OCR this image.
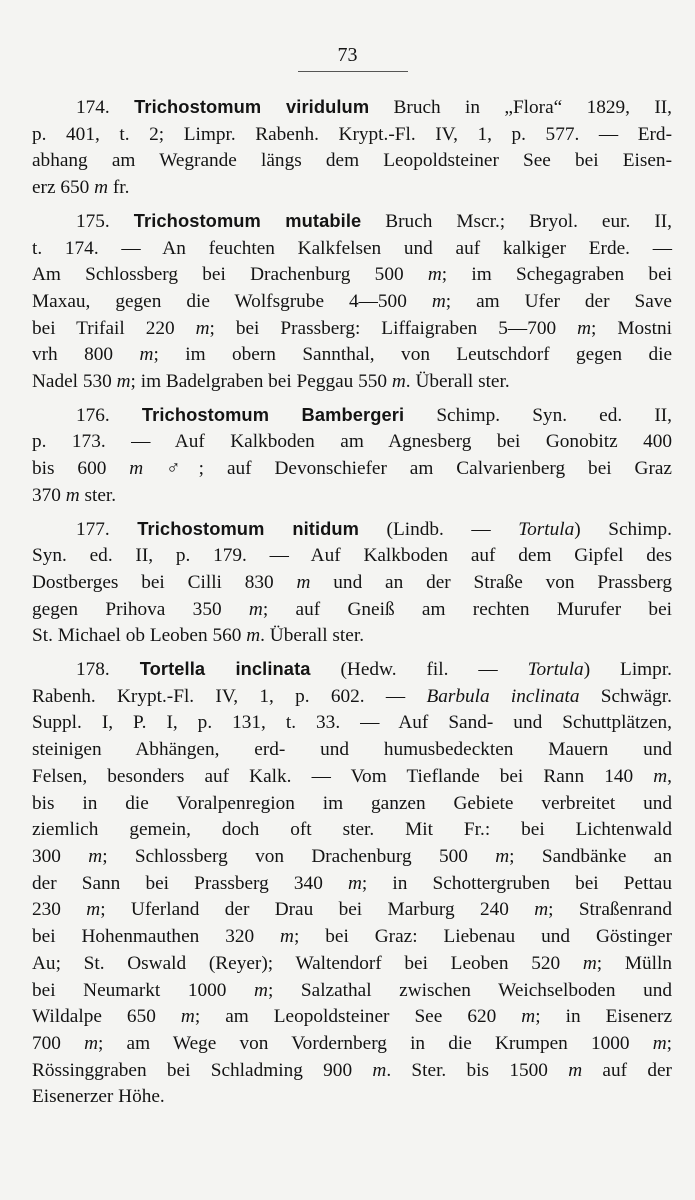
73
174. Trichostomum viridulum Bruch in „Flora“ 1829, II,
p. 401, t. 2; Limpr. Rabenh. Krypt.-Fl. IV, 1, p. 577. — Erd-
abhang am Wegrande längs dem Leopoldsteiner See bei Eisen-
erz 650 m fr.
175. Trichostomum mutabile Bruch Mscr.; Bryol. eur. II,
t. 174. — An feuchten Kalkfelsen und auf kalkiger Erde. —
Am Schlossberg bei Drachenburg 500 m; im Schegagraben bei
Maxau, gegen die Wolfsgrube 4—500 m; am Ufer der Save
bei Trifail 220 m; bei Prassberg: Liffaigraben 5—700 m; Mostni
vrh 800 m; im obern Sannthal, von Leutschdorf gegen die
Nadel 530 m; im Badelgraben bei Peggau 550 m. Überall ster.
176. Trichostomum Bambergeri Schimp. Syn. ed. II,
p. 173. — Auf Kalkboden am Agnesberg bei Gonobitz 400
bis 600 m ♂; auf Devonschiefer am Calvarienberg bei Graz
370 m ster.
177. Trichostomum nitidum (Lindb. — Tortula) Schimp.
Syn. ed. II, p. 179. — Auf Kalkboden auf dem Gipfel des
Dostberges bei Cilli 830 m und an der Straße von Prassberg
gegen Prihova 350 m; auf Gneiß am rechten Murufer bei
St. Michael ob Leoben 560 m. Überall ster.
178. Tortella inclinata (Hedw. fil. — Tortula) Limpr.
Rabenh. Krypt.-Fl. IV, 1, p. 602. — Barbula inclinata Schwägr.
Suppl. I, P. I, p. 131, t. 33. — Auf Sand- und Schuttplätzen,
steinigen Abhängen, erd- und humusbedeckten Mauern und
Felsen, besonders auf Kalk. — Vom Tieflande bei Rann 140 m,
bis in die Voralpenregion im ganzen Gebiete verbreitet und
ziemlich gemein, doch oft ster. Mit Fr.: bei Lichtenwald
300 m; Schlossberg von Drachenburg 500 m; Sandbänke an
der Sann bei Prassberg 340 m; in Schottergruben bei Pettau
230 m; Uferland der Drau bei Marburg 240 m; Straßenrand
bei Hohenmauthen 320 m; bei Graz: Liebenau und Göstinger
Au; St. Oswald (Reyer); Waltendorf bei Leoben 520 m; Mülln
bei Neumarkt 1000 m; Salzathal zwischen Weichselboden und
Wildalpe 650 m; am Leopoldsteiner See 620 m; in Eisenerz
700 m; am Wege von Vordernberg in die Krumpen 1000 m;
Rössinggraben bei Schladming 900 m. Ster. bis 1500 m auf der
Eisenerzer Höhe.
